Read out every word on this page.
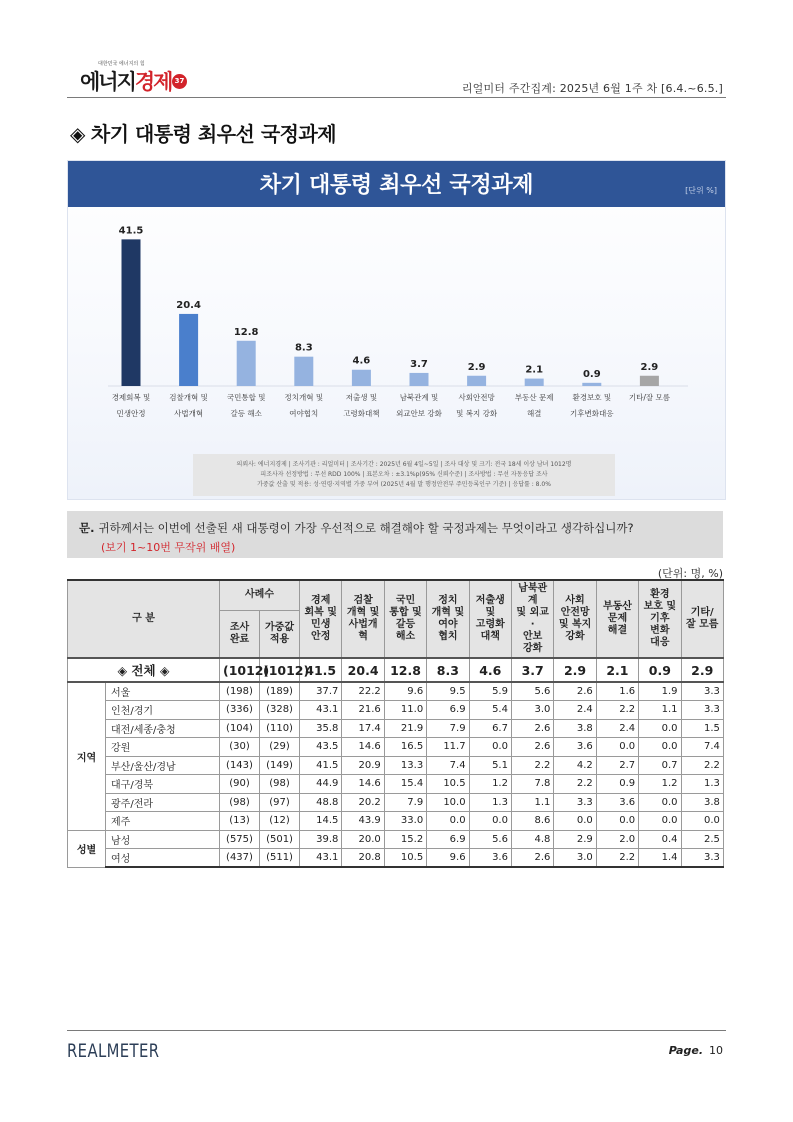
대한민국 에너지의 힘
에너지경제 37
리얼미터 주간집계: 2025년 6월 1주 차 [6.4.~6.5.]
◈ 차기 대통령 최우선 국정과제
차기 대통령 최우선 국정과제	[단위 %]
41.5
경제회복 및
민생안정
20.4
검찰개혁 및
사법개혁
12.8
국민통합 및
갈등 해소
8.3
정치개혁 및
여야협치
4.6
저출생 및
고령화대책
3.7
남북관계 및
외교안보 강화
2.9
사회안전망
및 복지 강화
2.1
부동산 문제
해결
0.9
환경보호 및
기후변화대응
2.9
기타/잘 모름
의뢰사: 에너지경제 | 조사기관 : 리얼미터 | 조사기간 : 2025년 6월 4일~5일 | 조사 대상 및 크기: 전국 18세 이상 남녀 1012명
피조사자 선정방법 : 무선 RDD 100% | 표본오차 : ±3.1%p(95% 신뢰수준) | 조사방법 : 무선 자동응답 조사
가중값 산출 및 적용: 성·연령·지역별 가중 부여 (2025년 4월 말 행정안전부 주민등록인구 기준) | 응답률 : 8.0%
문. 귀하께서는 이번에 선출된 새 대통령이 가장 우선적으로 해결해야 할 국정과제는 무엇이라고 생각하십니까?
(보기 1~10번 무작위 배열)
(단위: 명, %)
구 분		사례수		경제
회복 및
민생
안정	검찰
개혁 및
사법개혁	국민
통합 및
갈등
해소	정치
개혁 및
여야
협치	저출생
및
고령화
대책	남북관계
및 외교·
안보
강화	사회
안전망
및 복지
강화	부동산
문제
해결	환경
보호 및
기후
변화
대응	기타/
잘 모름
		조사
완료	가중값
적용										
◈ 전체 ◈		(1012)	(1012)	41.5	20.4	12.8	8.3	4.6	3.7	2.9	2.1	0.9	2.9
지역	서울	(198)	(189)	37.7	22.2	9.6	9.5	5.9	5.6	2.6	1.6	1.9	3.3
	인천/경기	(336)	(328)	43.1	21.6	11.0	6.9	5.4	3.0	2.4	2.2	1.1	3.3
	대전/세종/충청	(104)	(110)	35.8	17.4	21.9	7.9	6.7	2.6	3.8	2.4	0.0	1.5
	강원	(30)	(29)	43.5	14.6	16.5	11.7	0.0	2.6	3.6	0.0	0.0	7.4
	부산/울산/경남	(143)	(149)	41.5	20.9	13.3	7.4	5.1	2.2	4.2	2.7	0.7	2.2
	대구/경북	(90)	(98)	44.9	14.6	15.4	10.5	1.2	7.8	2.2	0.9	1.2	1.3
	광주/전라	(98)	(97)	48.8	20.2	7.9	10.0	1.3	1.1	3.3	3.6	0.0	3.8
	제주	(13)	(12)	14.5	43.9	33.0	0.0	0.0	8.6	0.0	0.0	0.0	0.0
성별	남성	(575)	(501)	39.8	20.0	15.2	6.9	5.6	4.8	2.9	2.0	0.4	2.5
	여성	(437)	(511)	43.1	20.8	10.5	9.6	3.6	2.6	3.0	2.2	1.4	3.3
REALMETER	Page. 10
